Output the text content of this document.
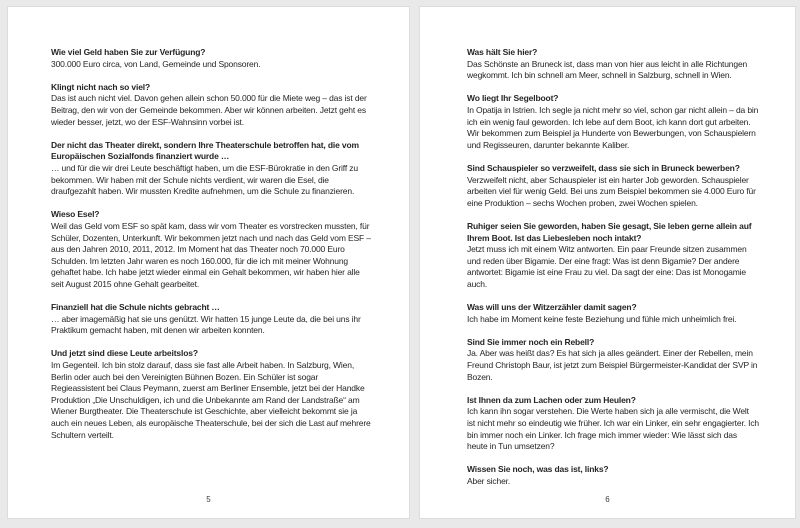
Wie viel Geld haben Sie zur Verfügung?

300.000 Euro circa, von Land, Gemeinde und Sponsoren.

Klingt nicht nach so viel?

Das ist auch nicht viel. Davon gehen allein schon 50.000 für die Miete weg – das ist der Beitrag, den wir von der Gemeinde bekommen. Aber wir können arbeiten. Jetzt geht es wieder besser, jetzt, wo der ESF-Wahnsinn vorbei ist.

Der nicht das Theater direkt, sondern Ihre Theaterschule betroffen hat, die vom Europäischen Sozialfonds finanziert wurde …

… und für die wir drei Leute beschäftigt haben, um die ESF-Bürokratie in den Griff zu bekommen. Wir haben mit der Schule nichts verdient, wir waren die Esel, die draufgezahlt haben. Wir mussten Kredite aufnehmen, um die Schule zu finanzieren.

Wieso Esel?

Weil das Geld vom ESF so spät kam, dass wir vom Theater es vorstrecken mussten, für Schüler, Dozenten, Unterkunft. Wir bekommen jetzt nach und nach das Geld vom ESF – aus den Jahren 2010, 2011, 2012. Im Moment hat das Theater noch 70.000 Euro Schulden. Im letzten Jahr waren es noch 160.000, für die ich mit meiner Wohnung gehaftet habe. Ich habe jetzt wieder einmal ein Gehalt bekommen, wir haben hier alle seit August 2015 ohne Gehalt gearbeitet.

Finanziell hat die Schule nichts gebracht …

… aber imagemäßig hat sie uns genützt. Wir hatten 15 junge Leute da, die bei uns ihr Praktikum gemacht haben, mit denen wir arbeiten konnten.

Und jetzt sind diese Leute arbeitslos?

Im Gegenteil. Ich bin stolz darauf, dass sie fast alle Arbeit haben. In Salzburg, Wien, Berlin oder auch bei den Vereinigten Bühnen Bozen. Ein Schüler ist sogar Regieassistent bei Claus Peymann, zuerst am Berliner Ensemble, jetzt bei der Handke Produktion „Die Unschuldigen, ich und die Unbekannte am Rand der Landstraße“ am Wiener Burgtheater. Die Theaterschule ist Geschichte, aber vielleicht bekommt sie ja auch ein neues Leben, als europäische Theaterschule, bei der sich die Last auf mehrere Schultern verteilt.

5

Was hält Sie hier?

Das Schönste an Bruneck ist, dass man von hier aus leicht in alle Richtungen wegkommt. Ich bin schnell am Meer, schnell in Salzburg, schnell in Wien.

Wo liegt Ihr Segelboot?

In Opatija in Istrien. Ich segle ja nicht mehr so viel, schon gar nicht allein – da bin ich ein wenig faul geworden. Ich lebe auf dem Boot, ich kann dort gut arbeiten. Wir bekommen zum Beispiel ja Hunderte von Bewerbungen, von Schauspielern und Regisseuren, darunter bekannte Kaliber.

Sind Schauspieler so verzweifelt, dass sie sich in Bruneck bewerben?

Verzweifelt nicht, aber Schauspieler ist ein harter Job geworden. Schauspieler arbeiten viel für wenig Geld. Bei uns zum Beispiel bekommen sie 4.000 Euro für eine Produktion – sechs Wochen proben, zwei Wochen spielen.

Ruhiger seien Sie geworden, haben Sie gesagt, Sie leben gerne allein auf Ihrem Boot. Ist das Liebesleben noch intakt?

Jetzt muss ich mit einem Witz antworten. Ein paar Freunde sitzen zusammen und reden über Bigamie. Der eine fragt: Was ist denn Bigamie? Der andere antwortet: Bigamie ist eine Frau zu viel. Da sagt der eine: Das ist Monogamie auch.

Was will uns der Witzerzähler damit sagen?

Ich habe im Moment keine feste Beziehung und fühle mich unheimlich frei.

Sind Sie immer noch ein Rebell?

Ja. Aber was heißt das? Es hat sich ja alles geändert. Einer der Rebellen, mein Freund Christoph Baur, ist jetzt zum Beispiel Bürgermeister-Kandidat der SVP in Bozen.

Ist Ihnen da zum Lachen oder zum Heulen?

Ich kann ihn sogar verstehen. Die Werte haben sich ja alle vermischt, die Welt ist nicht mehr so eindeutig wie früher. Ich war ein Linker, ein sehr engagierter. Ich bin immer noch ein Linker. Ich frage mich immer wieder: Wie lässt sich das heute in Tun umsetzen?

Wissen Sie noch, was das ist, links?

Aber sicher.

6
